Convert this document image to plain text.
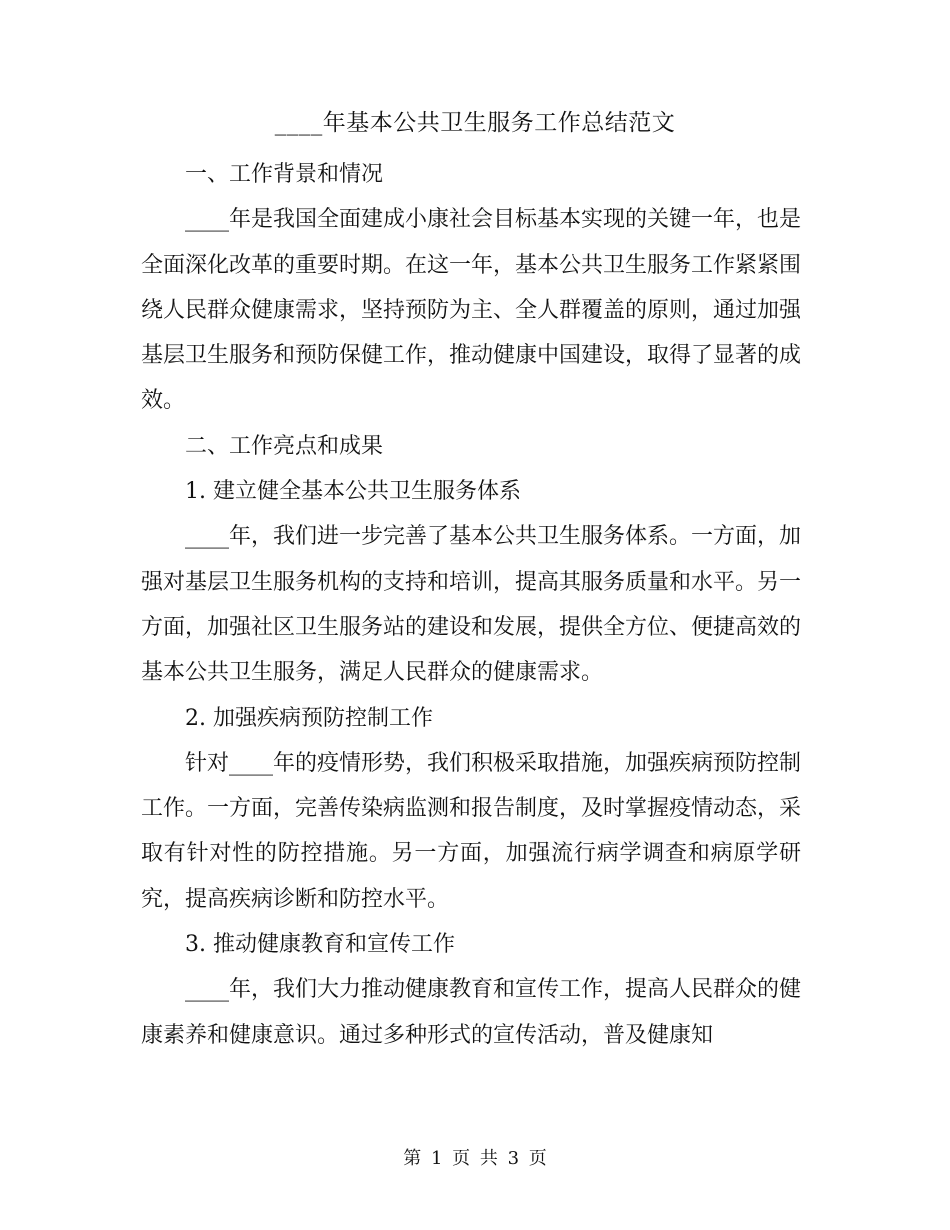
____年基本公共卫生服务工作总结范文

一、工作背景和情况

____年是我国全面建成小康社会目标基本实现的关键一年，也是全面深化改革的重要时期。在这一年，基本公共卫生服务工作紧紧围绕人民群众健康需求，坚持预防为主、全人群覆盖的原则，通过加强基层卫生服务和预防保健工作，推动健康中国建设，取得了显著的成效。

二、工作亮点和成果

1. 建立健全基本公共卫生服务体系

____年，我们进一步完善了基本公共卫生服务体系。一方面，加强对基层卫生服务机构的支持和培训，提高其服务质量和水平。另一方面，加强社区卫生服务站的建设和发展，提供全方位、便捷高效的基本公共卫生服务，满足人民群众的健康需求。

2. 加强疾病预防控制工作

针对____年的疫情形势，我们积极采取措施，加强疾病预防控制工作。一方面，完善传染病监测和报告制度，及时掌握疫情动态，采取有针对性的防控措施。另一方面，加强流行病学调查和病原学研究，提高疾病诊断和防控水平。

3. 推动健康教育和宣传工作

____年，我们大力推动健康教育和宣传工作，提高人民群众的健康素养和健康意识。通过多种形式的宣传活动，普及健康知

第 1 页 共 3 页
